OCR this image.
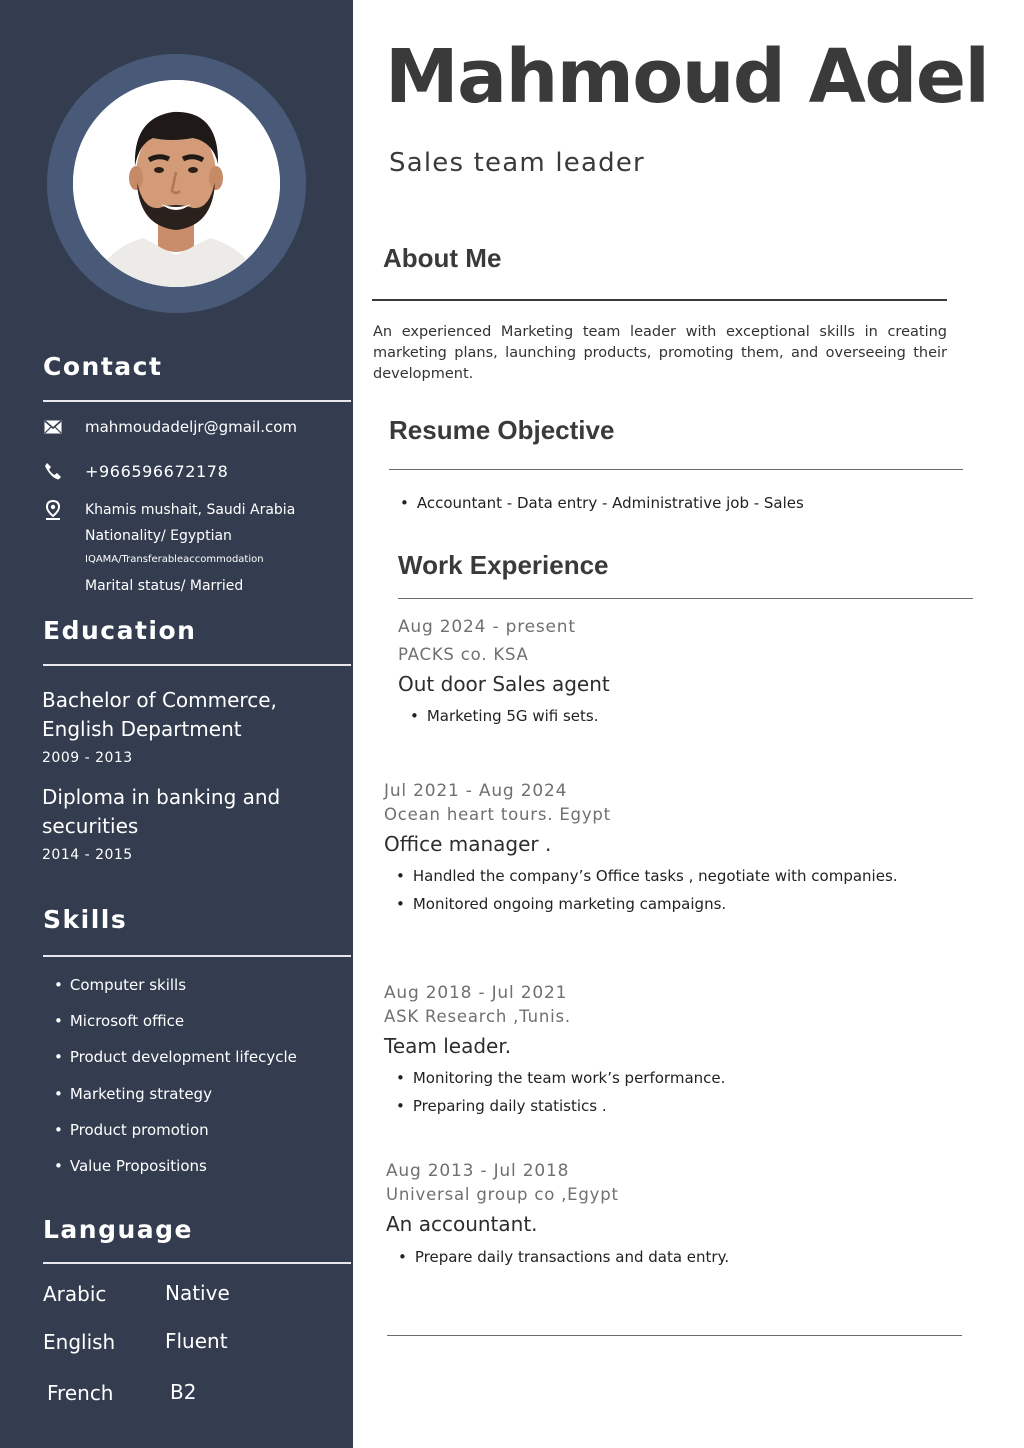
Contact
mahmoudadeljr@gmail.com
+966596672178
Khamis mushait, Saudi Arabia
Nationality/ Egyptian
IQAMA/Transferableaccommodation
Marital status/ Married
Education
Bachelor of Commerce, English Department
2009 - 2013
Diploma in banking and securities
2014 - 2015
Skills
• Computer skills
• Microsoft office
• Product development lifecycle
• Marketing strategy
• Product promotion
• Value Propositions
Language
Arabic	Native
English Fluent
French	B2
Mahmoud Adel
Sales team leader
About Me

An experienced Marketing team leader with exceptional skills in creating marketing plans, launching products, promoting them, and overseeing their development.

Resume Objective
• Accountant - Data entry - Administrative job - Sales
Work Experience
Aug 2024 - present
PACKS co. KSA
Out door Sales agent
• Marketing 5G wifi sets.
Jul 2021 - Aug 2024
Ocean heart tours. Egypt
Office manager .
• Handled the company’s Office tasks , negotiate with companies.
• Monitored ongoing marketing campaigns.
Aug 2018 - Jul 2021
ASK Research ,Tunis.
Team leader.
• Monitoring the team work’s performance.
• Preparing daily statistics .
Aug 2013 - Jul 2018
Universal group co ,Egypt
An accountant.
• Prepare daily transactions and data entry.
